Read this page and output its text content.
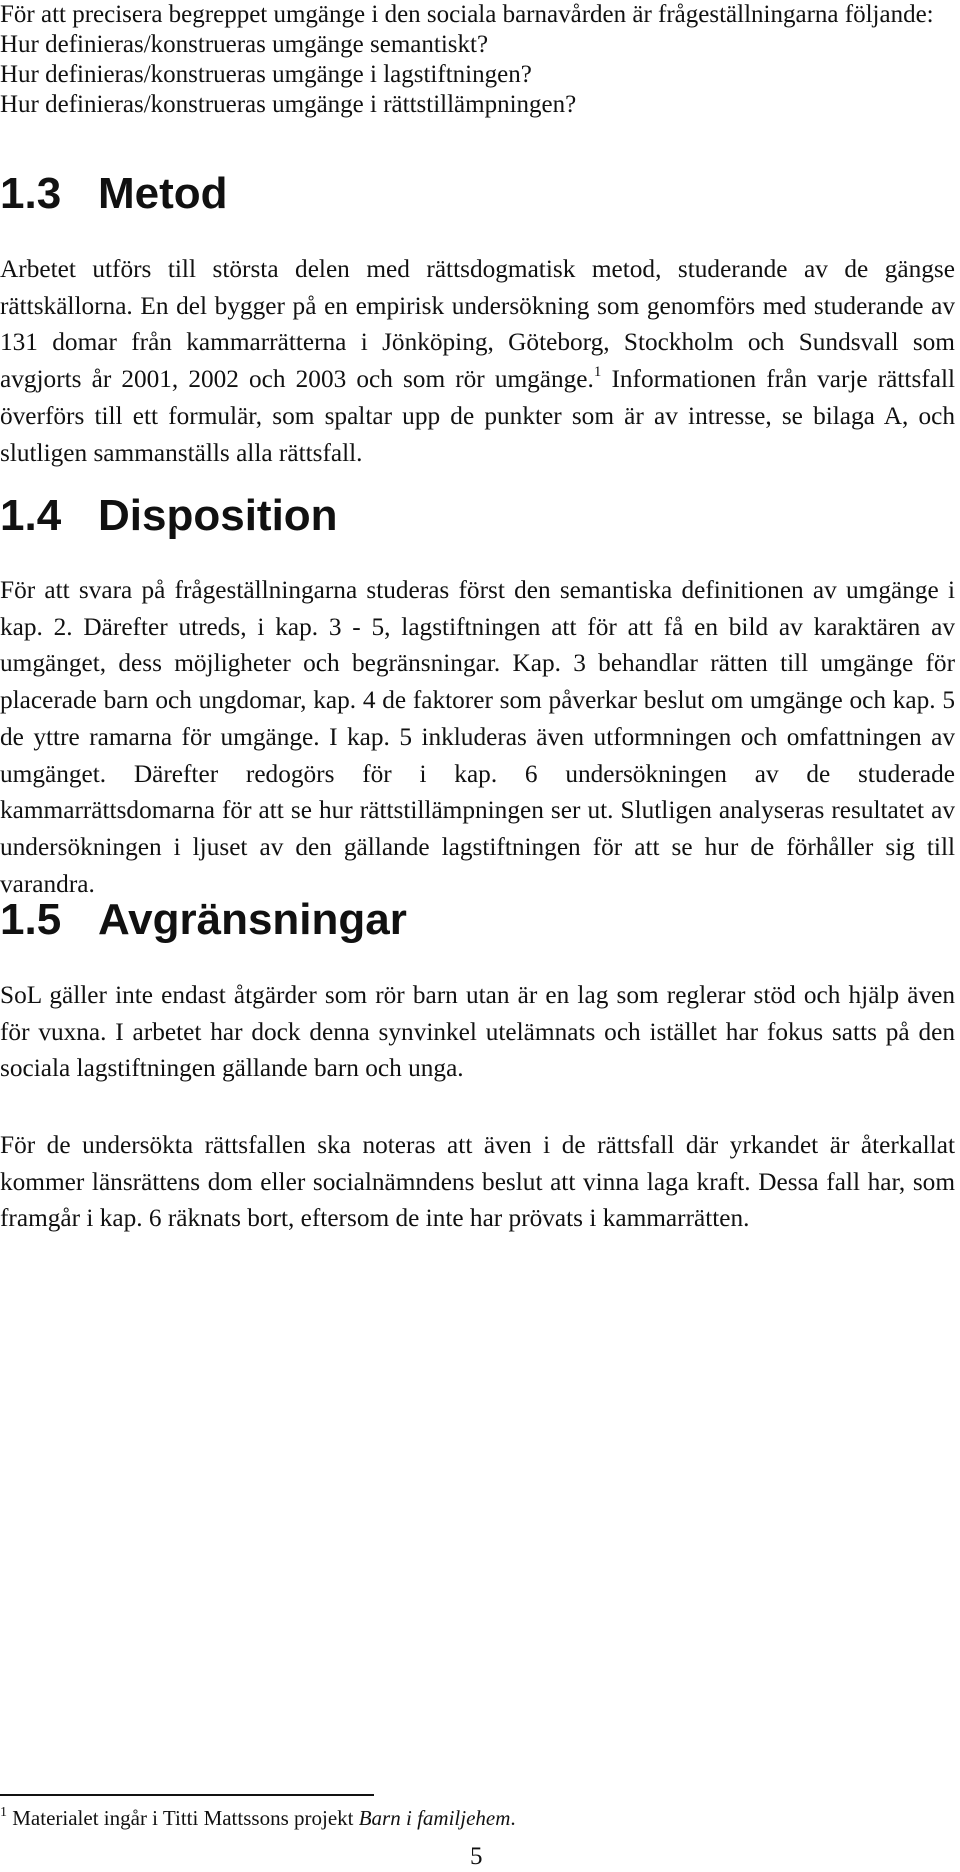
För att precisera begreppet umgänge i den sociala barnavården är frågeställningarna följande:

Hur definieras/konstrueras umgänge semantiskt?

Hur definieras/konstrueras umgänge i lagstiftningen?

Hur definieras/konstrueras umgänge i rättstillämpningen?

1.3 Metod

Arbetet utförs till största delen med rättsdogmatisk metod, studerande av de gängse rättskällorna. En del bygger på en empirisk undersökning som genomförs med studerande av 131 domar från kammarrätterna i Jönköping, Göteborg, Stockholm och Sundsvall som avgjorts år 2001, 2002 och 2003 och som rör umgänge.$^1$ Informationen från varje rättsfall överförs till ett formulär, som spaltar upp de punkter som är av intresse, se bilaga A, och slutligen sammanställs alla rättsfall.

1.4 Disposition

För att svara på frågeställningarna studeras först den semantiska definitionen av umgänge i kap. 2. Därefter utreds, i kap. 3 - 5, lagstiftningen att för att få en bild av karaktären av umgänget, dess möjligheter och begränsningar. Kap. 3 behandlar rätten till umgänge för placerade barn och ungdomar, kap. 4 de faktorer som påverkar beslut om umgänge och kap. 5 de yttre ramarna för umgänge. I kap. 5 inkluderas även utformningen och omfattningen av umgänget. Därefter redogörs för i kap. 6 undersökningen av de studerade kammarrättsdomarna för att se hur rättstillämpningen ser ut. Slutligen analyseras resultatet av undersökningen i ljuset av den gällande lagstiftningen för att se hur de förhåller sig till varandra.

1.5 Avgränsningar

SoL gäller inte endast åtgärder som rör barn utan är en lag som reglerar stöd och hjälp även för vuxna. I arbetet har dock denna synvinkel utelämnats och istället har fokus satts på den sociala lagstiftningen gällande barn och unga.

För de undersökta rättsfallen ska noteras att även i de rättsfall där yrkandet är återkallat kommer länsrättens dom eller socialnämndens beslut att vinna laga kraft. Dessa fall har, som framgår i kap. 6 räknats bort, eftersom de inte har prövats i kammarrätten.

$^1$ Materialet ingår i Titti Mattssons projekt Barn i familjehem.
5
